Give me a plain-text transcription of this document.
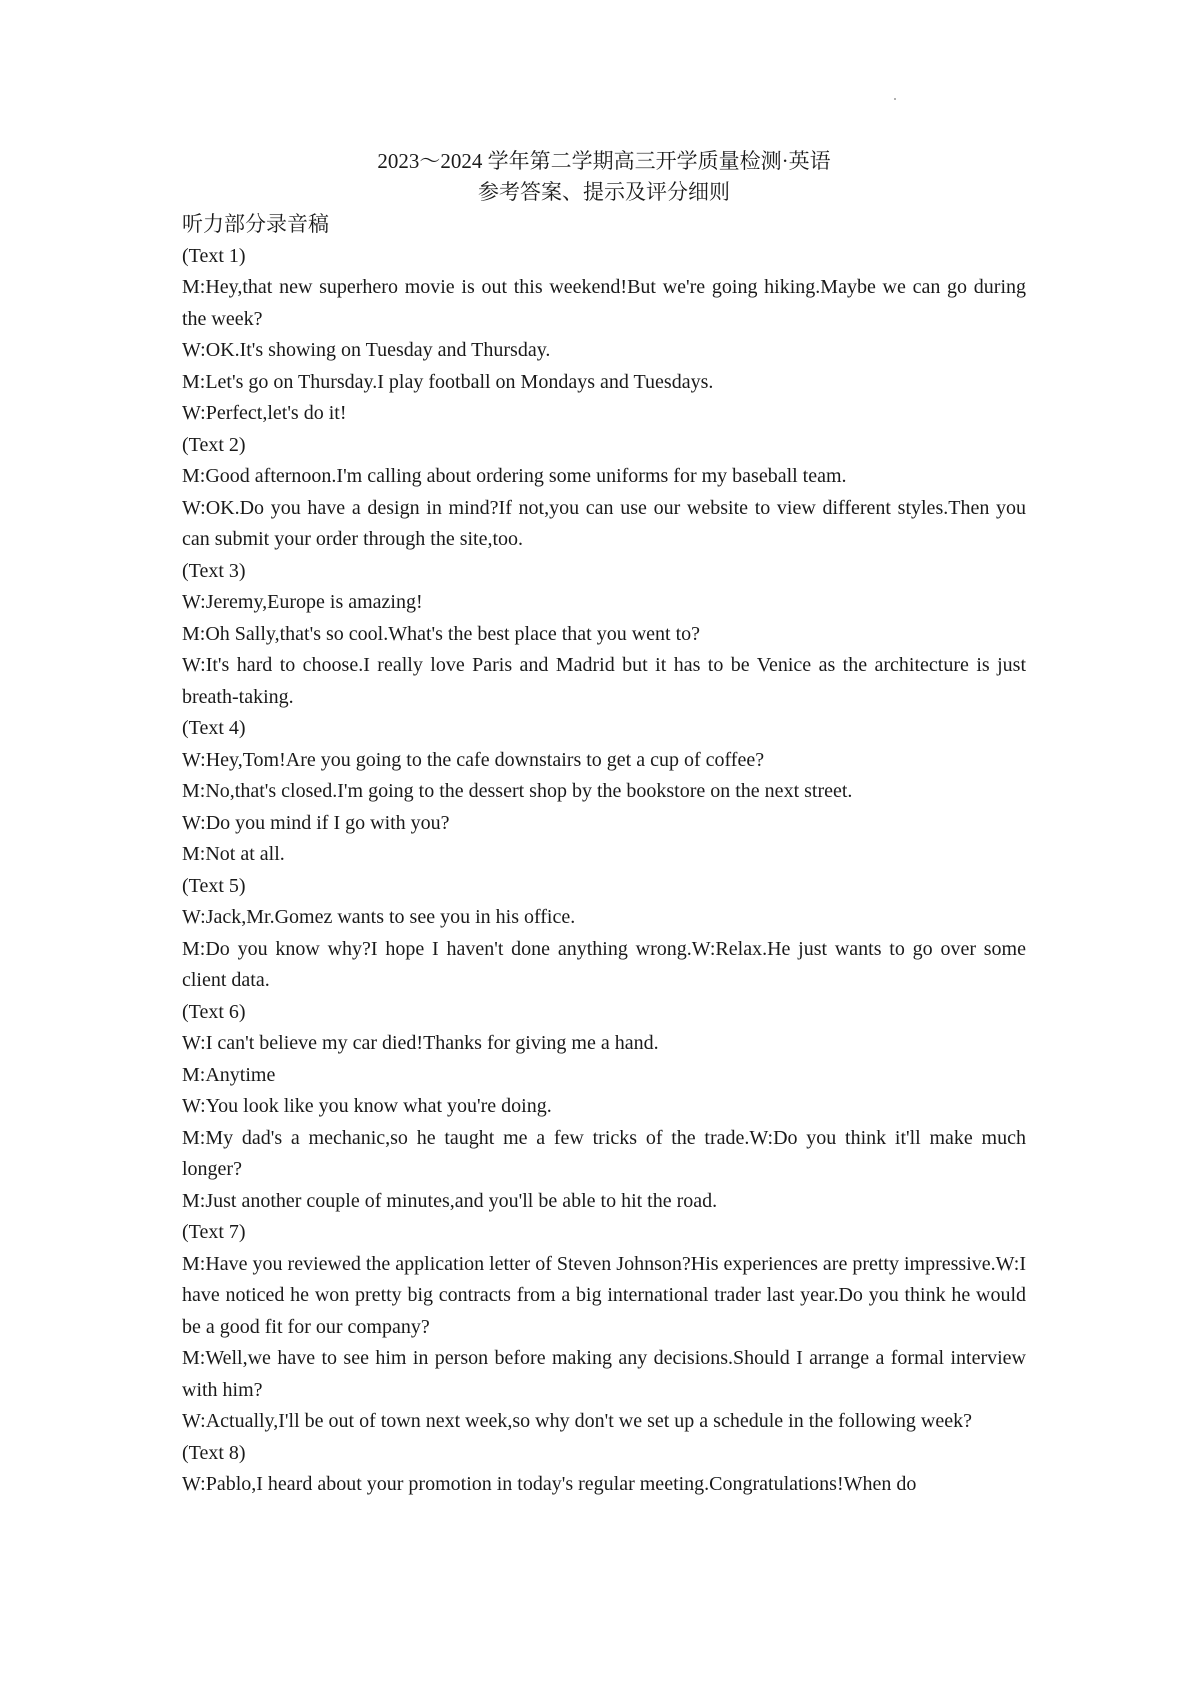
2023～2024 学年第二学期高三开学质量检测·英语
参考答案、提示及评分细则

听力部分录音稿

(Text 1)

M:Hey,that new superhero movie is out this weekend!But we're going hiking.Maybe we can go during the week?

W:OK.It's showing on Tuesday and Thursday.

M:Let's go on Thursday.I play football on Mondays and Tuesdays.

W:Perfect,let's do it!

(Text 2)

M:Good afternoon.I'm calling about ordering some uniforms for my baseball team.

W:OK.Do you have a design in mind?If not,you can use our website to view different styles.Then you can submit your order through the site,too.

(Text 3)

W:Jeremy,Europe is amazing!

M:Oh Sally,that's so cool.What's the best place that you went to?

W:It's hard to choose.I really love Paris and Madrid but it has to be Venice as the architecture is just breath-taking.

(Text 4)

W:Hey,Tom!Are you going to the cafe downstairs to get a cup of coffee?

M:No,that's closed.I'm going to the dessert shop by the bookstore on the next street.

W:Do you mind if I go with you?

M:Not at all.

(Text 5)

W:Jack,Mr.Gomez wants to see you in his office.

M:Do you know why?I hope I haven't done anything wrong.W:Relax.He just wants to go over some client data.

(Text 6)

W:I can't believe my car died!Thanks for giving me a hand.

M:Anytime

W:You look like you know what you're doing.

M:My dad's a mechanic,so he taught me a few tricks of the trade.W:Do you think it'll make much longer?

M:Just another couple of minutes,and you'll be able to hit the road.

(Text 7)

M:Have you reviewed the application letter of Steven Johnson?His experiences are pretty impressive.W:I have noticed he won pretty big contracts from a big international trader last year.Do you think he would be a good fit for our company?

M:Well,we have to see him in person before making any decisions.Should I arrange a formal interview with him?

W:Actually,I'll be out of town next week,so why don't we set up a schedule in the following week?

(Text 8)

W:Pablo,I heard about your promotion in today's regular meeting.Congratulations!When do
